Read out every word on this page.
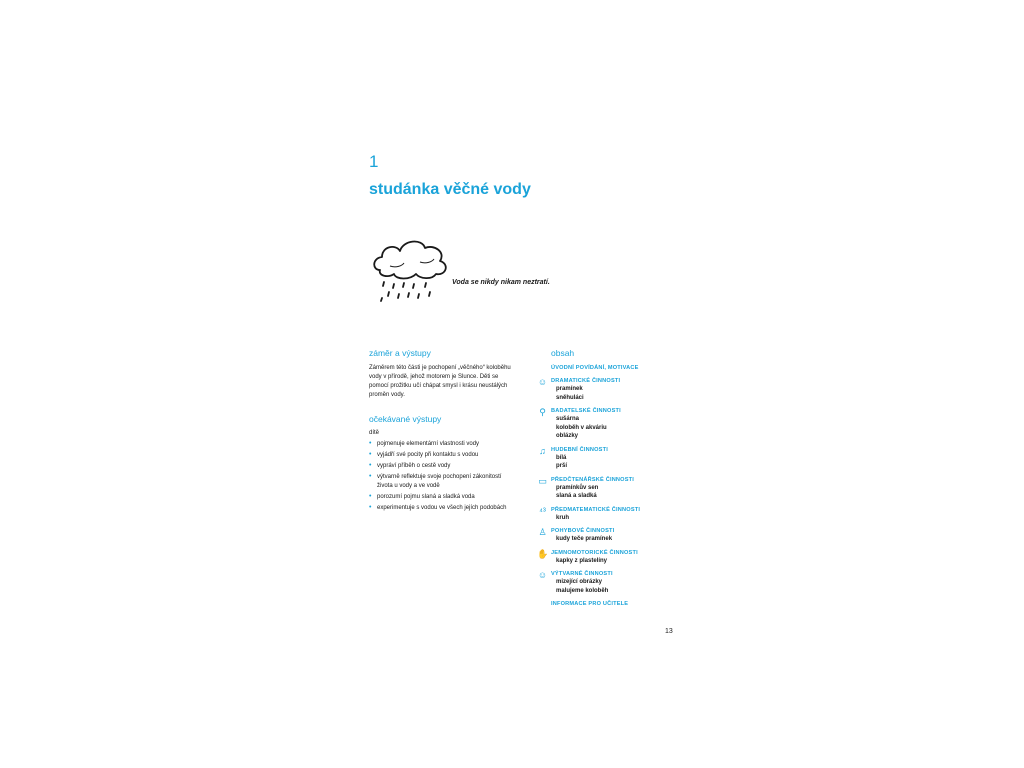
1
studánka věčné vody
Voda se nikdy nikam neztratí.
záměr a výstupy

Záměrem této části je pochopení „věčného“ koloběhu vody v přírodě, jehož motorem je Slunce. Děti se pomocí prožitku učí chápat smysl i krásu neustálých proměn vody.

očekávané výstupy

dítě

• pojmenuje elementární vlastnosti vody
• vyjádří své pocity při kontaktu s vodou
• vypráví příběh o cestě vody
• výtvarně reflektuje svoje pochopení zákonitostí života u vody a ve vodě
• porozumí pojmu slaná a sladká voda
• experimentuje s vodou ve všech jejích podobách
obsah
ÚVODNÍ POVÍDÁNÍ, MOTIVACE
☺ DRAMATICKÉ ČINNOSTI
pramínek
sněhuláci
⚲ BADATELSKÉ ČINNOSTI
sušárna
koloběh v akváriu
oblázky
♫ HUDEBNÍ ČINNOSTI
bílá
prší
▭ PŘEDČTENÁŘSKÉ ČINNOSTI
pramínkův sen
slaná a sladká
⁴³ PŘEDMATEMATICKÉ ČINNOSTI
kruh
♙ POHYBOVÉ ČINNOSTI
kudy teče pramínek
✋ JEMNOMOTORICKÉ ČINNOSTI
kapky z plastelíny
☺ VÝTVARNÉ ČINNOSTI
mizející obrázky
malujeme koloběh
INFORMACE PRO UČITELE
13
